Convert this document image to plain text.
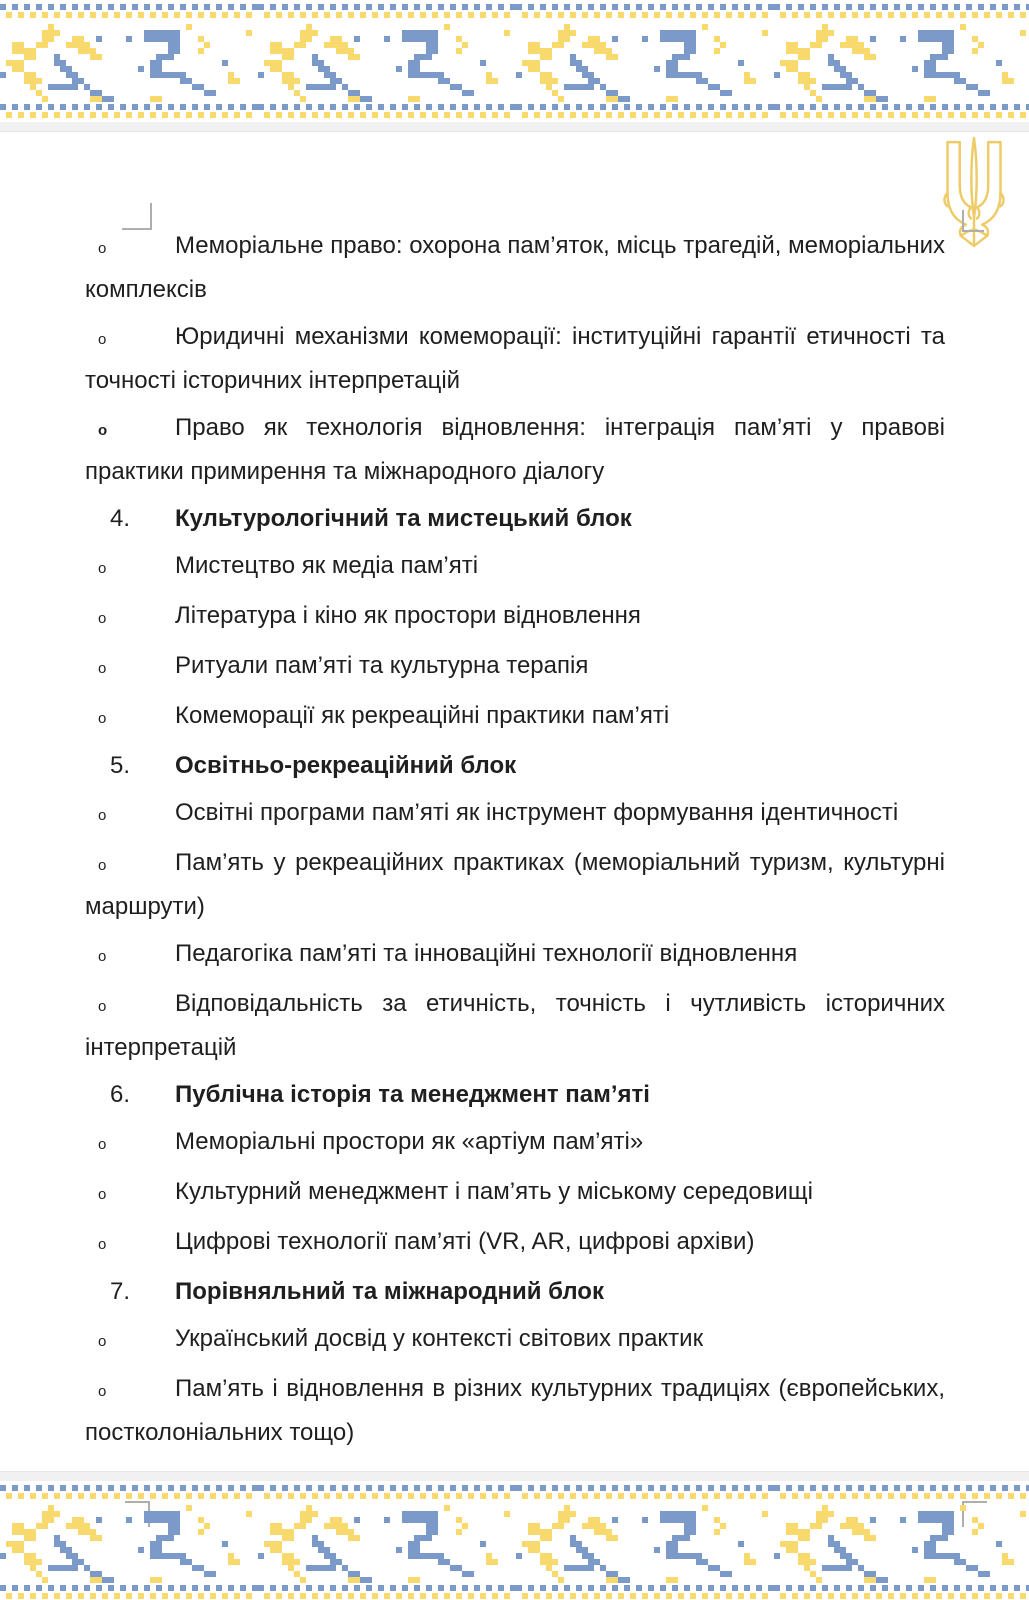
o	Меморіальне право: охорона пам’яток, місць трагедій, меморіальних комплексів

o	Юридичні механізми комеморації: інституційні гарантії етичності та точності історичних інтерпретацій

o	Право як технологія відновлення: інтеграція пам’яті у правові практики примирення та міжнародного діалогу

4. Культурологічний та мистецький блок

o	Мистецтво як медіа пам’яті

o	Література і кіно як простори відновлення

o	Ритуали пам’яті та культурна терапія

o	Комеморації як рекреаційні практики пам’яті

5. Освітньо-рекреаційний блок

o	Освітні програми пам’яті як інструмент формування ідентичності

o	Пам’ять у рекреаційних практиках (меморіальний туризм, культурні маршрути)

o	Педагогіка пам’яті та інноваційні технології відновлення

o	Відповідальність за етичність, точність і чутливість історичних інтерпретацій

6. Публічна історія та менеджмент пам’яті

o	Меморіальні простори як «артіум пам’яті»

o	Культурний менеджмент і пам’ять у міському середовищі

o	Цифрові технології пам’яті (VR, AR, цифрові архіви)

7. Порівняльний та міжнародний блок

o	Український досвід у контексті світових практик

o	Пам’ять і відновлення в різних культурних традиціях (європейських, постколоніальних тощо)
